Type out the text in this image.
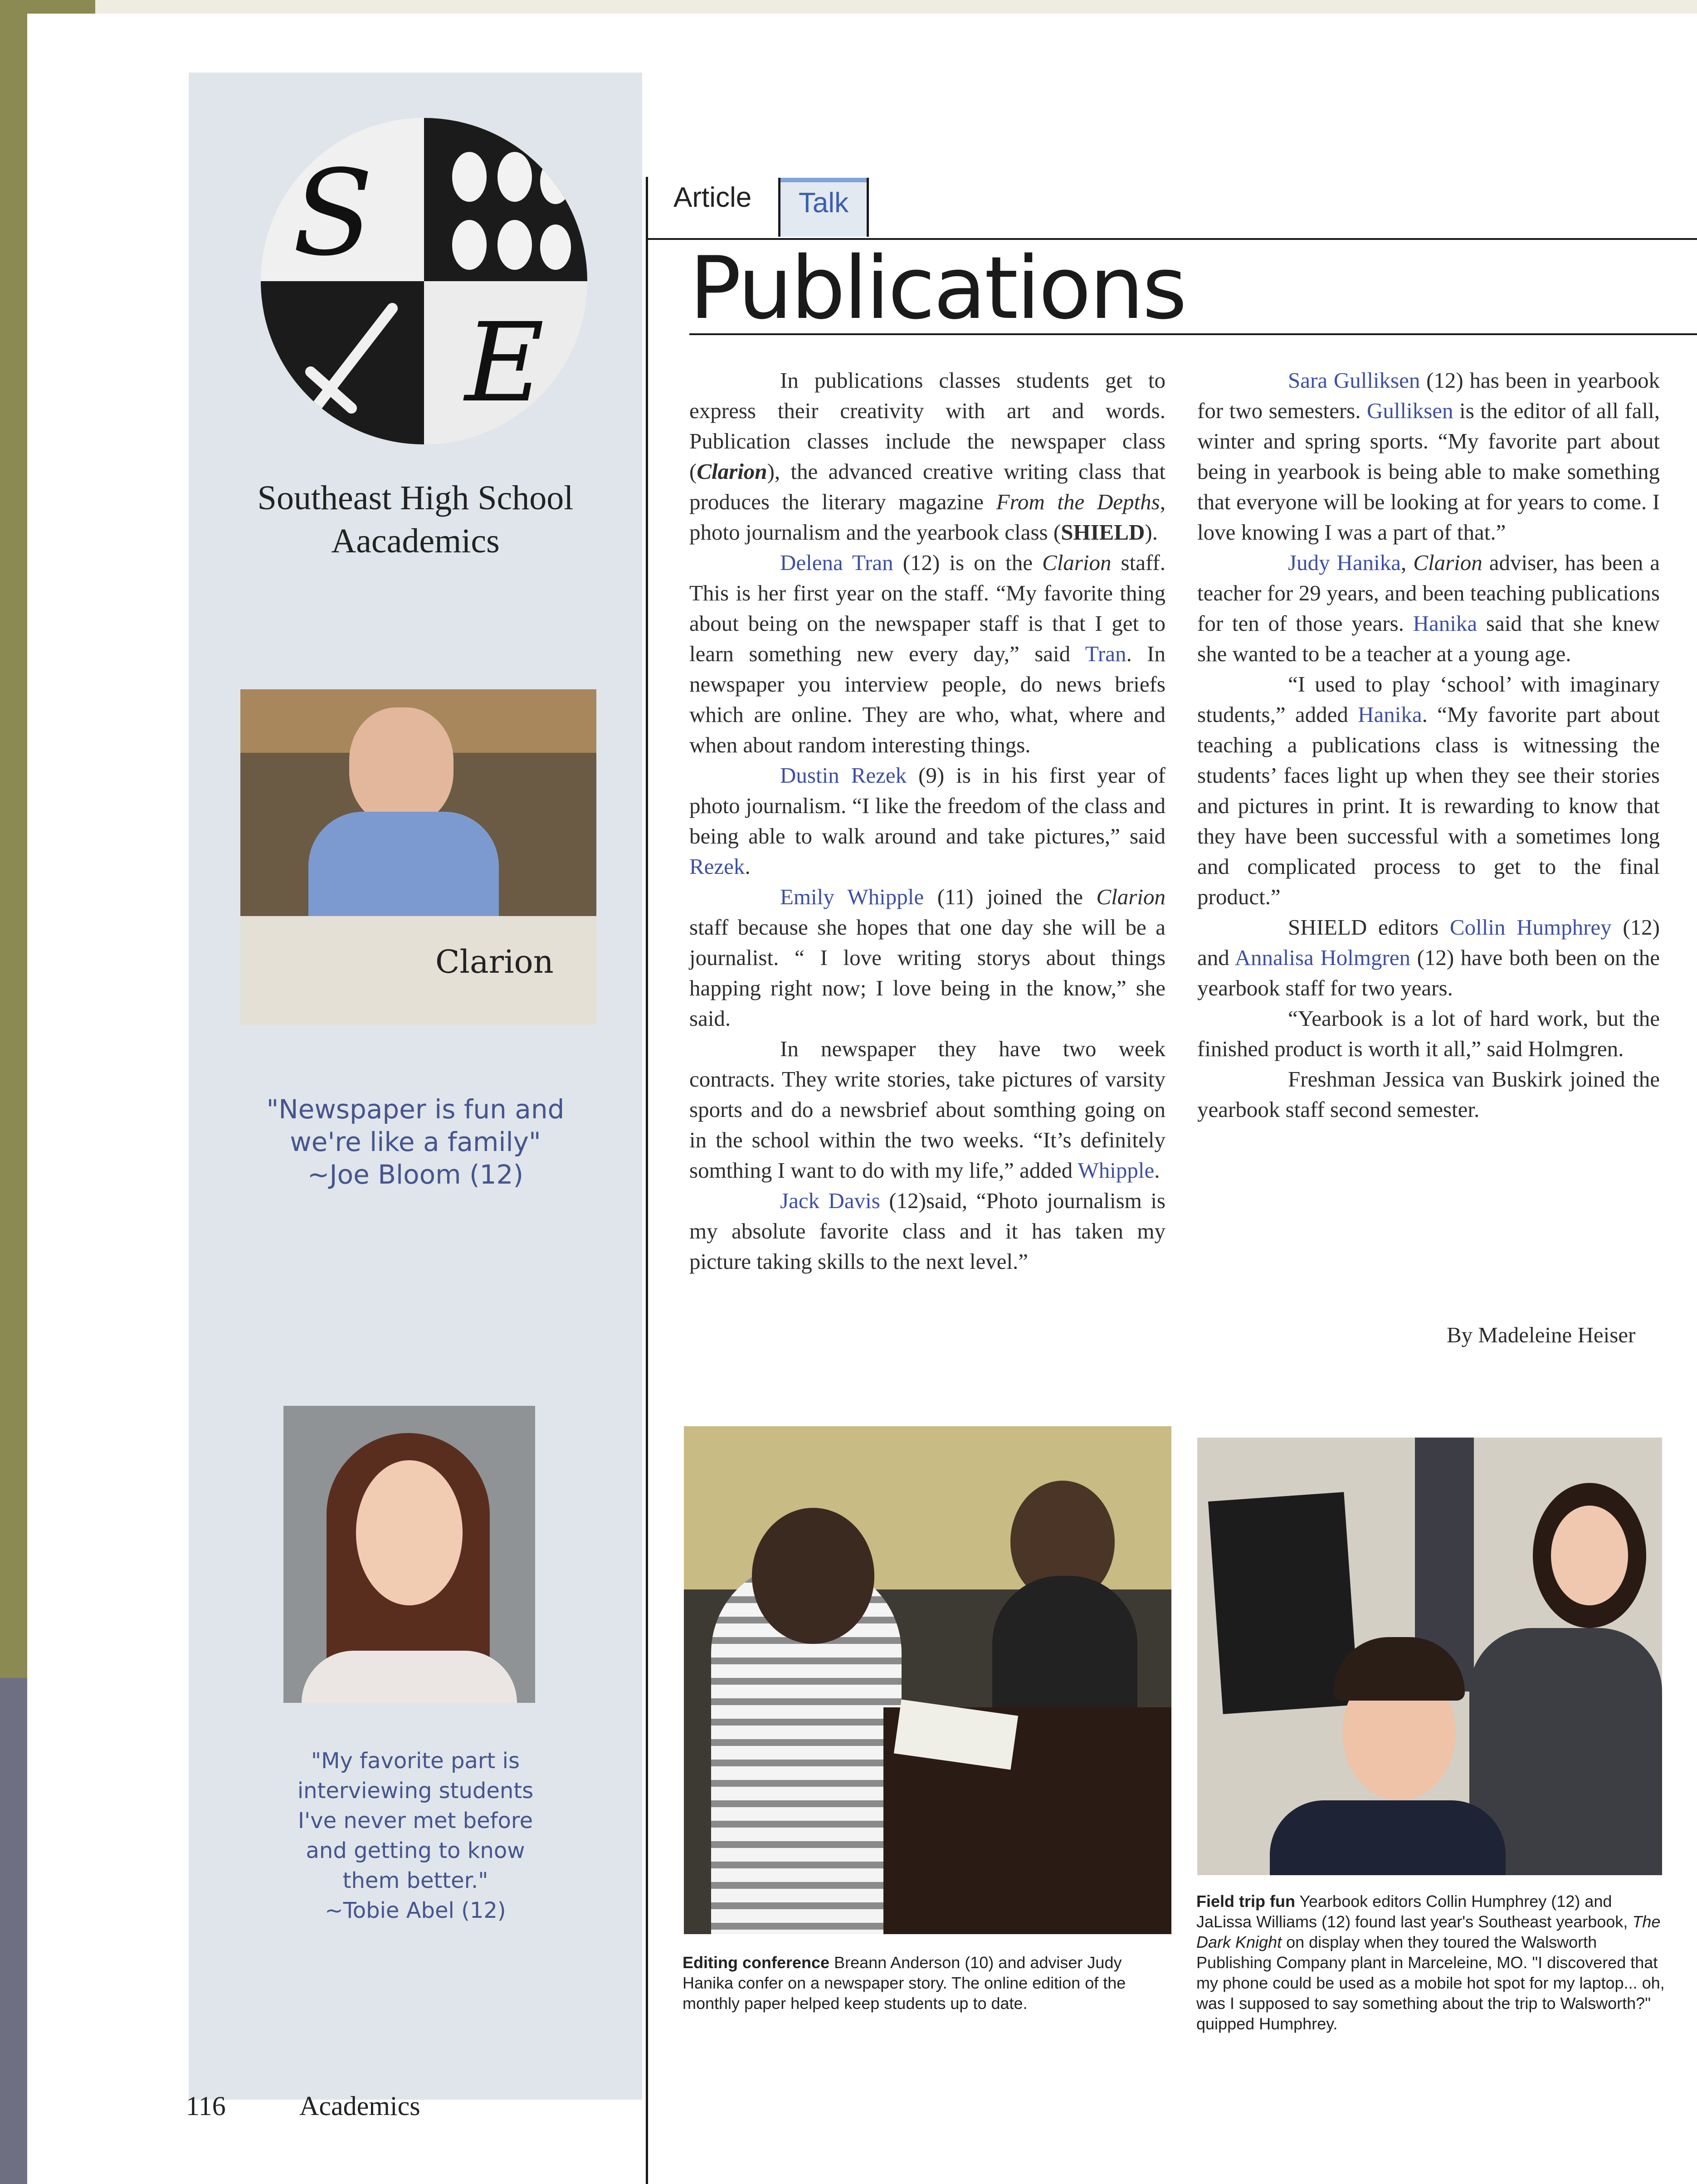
S
E
Southeast High School
Aacademics
Clarion
"Newspaper is fun and
we're like a family"
~Joe Bloom (12)
"My favorite part is
interviewing students
I've never met before
and getting to know
them better."
~Tobie Abel (12)
116	Academics
Article	Talk
Publications

In publications classes students get to express their creativity with art and words. Publication classes include the newspaper class (Clarion), the advanced creative writing class that produces the literary magazine From the Depths, photo journalism and the yearbook class (SHIELD).

Delena Tran (12) is on the Clarion staff. This is her first year on the staff. “My favorite thing about being on the newspaper staff is that I get to learn something new every day,” said Tran. In newspaper you interview people, do news briefs which are online. They are who, what, where and when about random interesting things.

Dustin Rezek (9) is in his first year of photo journalism. “I like the freedom of the class and being able to walk around and take pictures,” said Rezek.

Emily Whipple (11) joined the Clarion staff because she hopes that one day she will be a journalist. “ I love writing storys about things happing right now; I love being in the know,” she said.

In newspaper they have two week contracts. They write stories, take pictures of varsity sports and do a newsbrief about somthing going on in the school within the two weeks. “It’s definitely somthing I want to do with my life,” added Whipple.

Jack Davis (12)said, “Photo journalism is my absolute favorite class and it has taken my picture taking skills to the next level.”

Sara Gulliksen (12) has been in yearbook for two semesters. Gulliksen is the editor of all fall, winter and spring sports. “My favorite part about being in yearbook is being able to make something that everyone will be looking at for years to come. I love knowing I was a part of that.”

Judy Hanika, Clarion adviser, has been a teacher for 29 years, and been teaching publications for ten of those years. Hanika said that she knew she wanted to be a teacher at a young age.

“I used to play ‘school’ with imaginary students,” added Hanika. “My favorite part about teaching a publications class is witnessing the students’ faces light up when they see their stories and pictures in print. It is rewarding to know that they have been successful with a sometimes long and complicated process to get to the final product.”

SHIELD editors Collin Humphrey (12) and Annalisa Holmgren (12) have both been on the yearbook staff for two years.

“Yearbook is a lot of hard work, but the finished product is worth it all,” said Holmgren.

Freshman Jessica van Buskirk joined the yearbook staff second semester.

By Madeleine Heiser
Editing conference Breann Anderson (10) and adviser Judy Hanika confer on a newspaper story. The online edition of the monthly paper helped keep students up to date.
Field trip fun Yearbook editors Collin Humphrey (12) and JaLissa Williams (12) found last year's Southeast yearbook, The Dark Knight on display when they toured the Walsworth Publishing Company plant in Marceleine, MO. "I discovered that my phone could be used as a mobile hot spot for my laptop... oh, was I supposed to say something about the trip to Walsworth?" quipped Humphrey.
